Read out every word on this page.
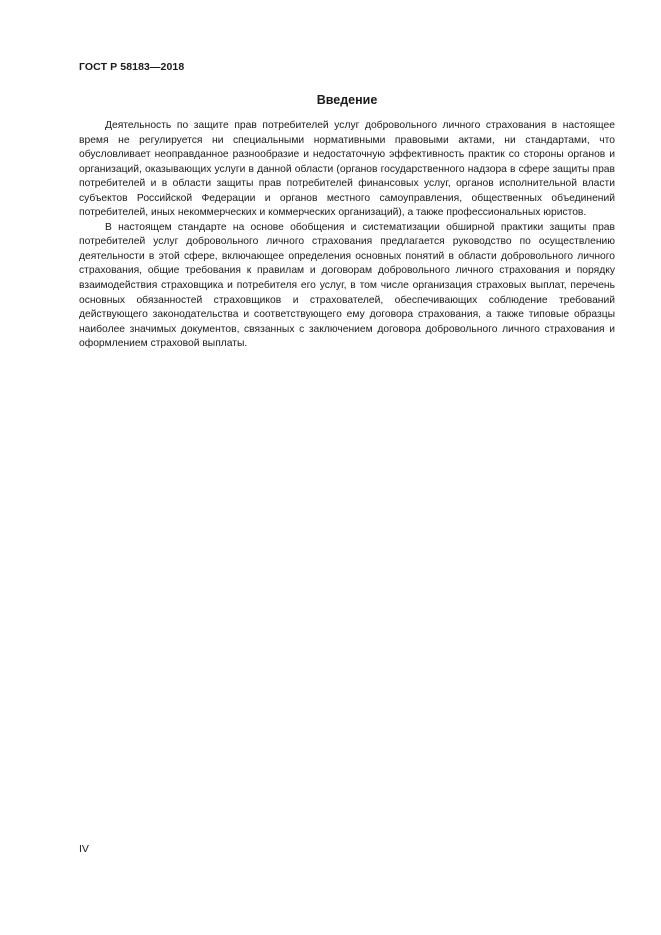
ГОСТ Р 58183—2018
Введение

Деятельность по защите прав потребителей услуг добровольного личного страхования в настоящее время не регулируется ни специальными нормативными правовыми актами, ни стандартами, что обусловливает неоправданное разнообразие и недостаточную эффективность практик со стороны органов и организаций, оказывающих услуги в данной области (органов государственного надзора в сфере защиты прав потребителей и в области защиты прав потребителей финансовых услуг, органов исполнительной власти субъектов Российской Федерации и органов местного самоуправления, общественных объединений потребителей, иных некоммерческих и коммерческих организаций), а также профессиональных юристов.

В настоящем стандарте на основе обобщения и систематизации обширной практики защиты прав потребителей услуг добровольного личного страхования предлагается руководство по осуществлению деятельности в этой сфере, включающее определения основных понятий в области добровольного личного страхования, общие требования к правилам и договорам добровольного личного страхования и порядку взаимодействия страховщика и потребителя его услуг, в том числе организация страховых выплат, перечень основных обязанностей страховщиков и страхователей, обеспечивающих соблюдение требований действующего законодательства и соответствующего ему договора страхования, а также типовые образцы наиболее значимых документов, связанных с заключением договора добровольного личного страхования и оформлением страховой выплаты.

IV
